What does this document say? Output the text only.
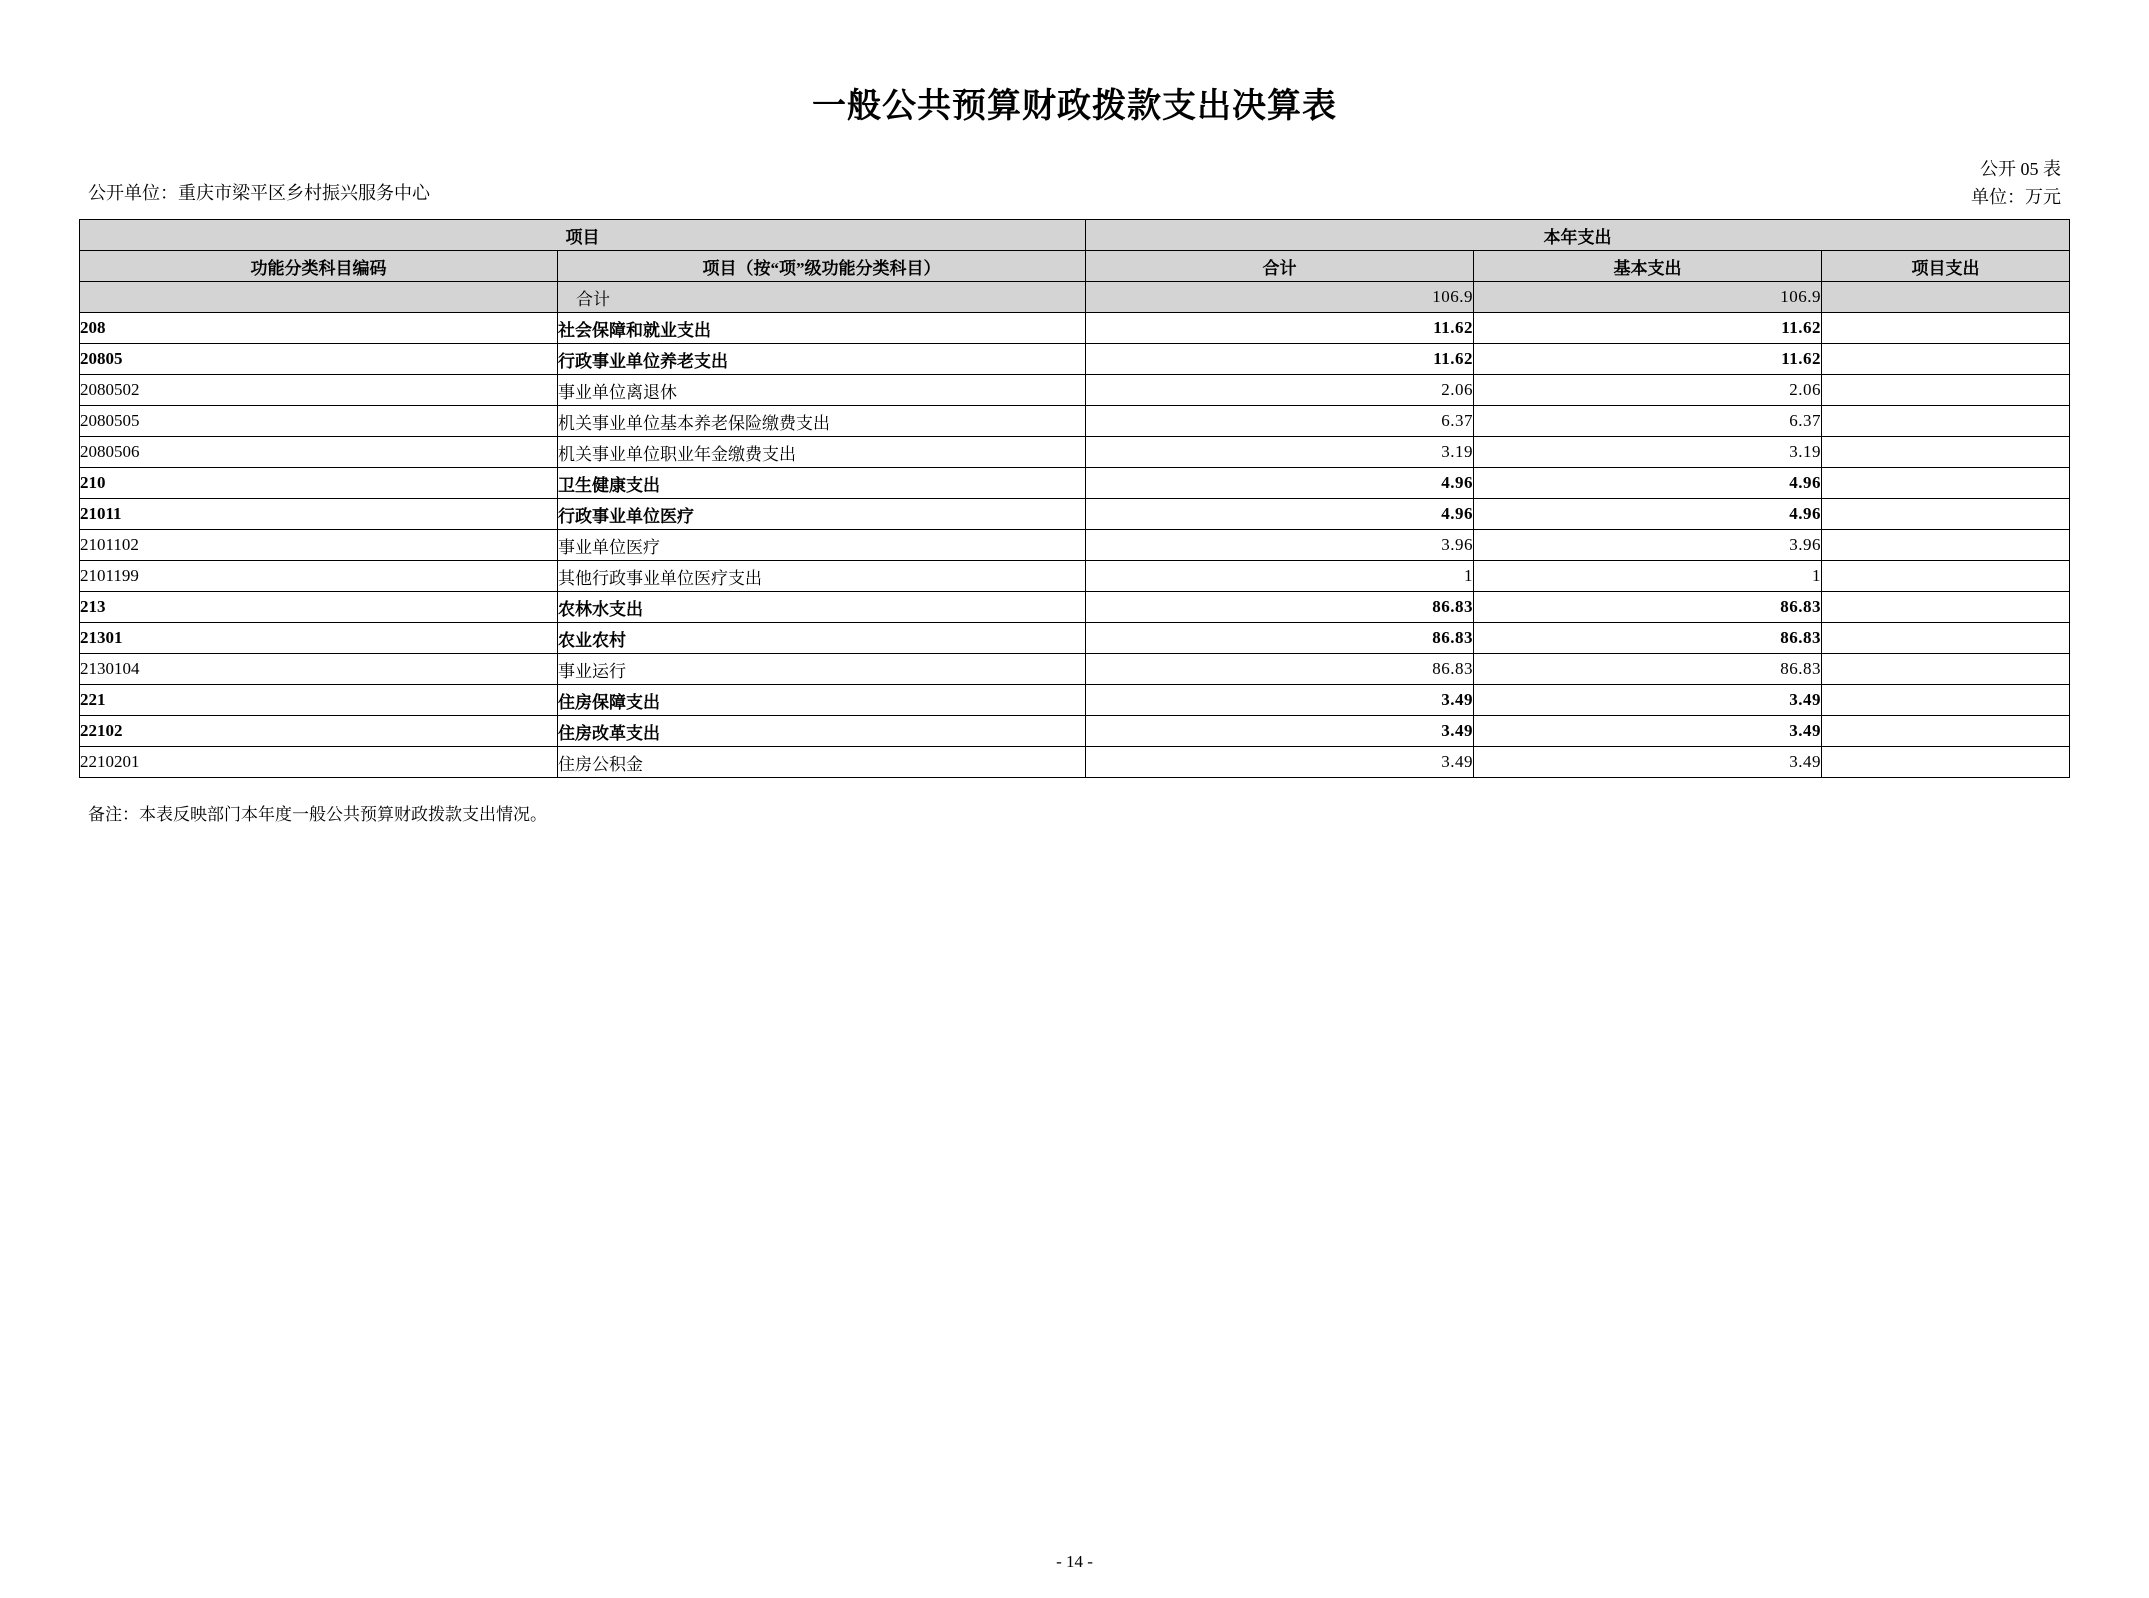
一般公共预算财政拨款支出决算表
公开单位：重庆市梁平区乡村振兴服务中心
公开 05 表
单位：万元
项目		本年支出		
功能分类科目编码	项目（按“项”级功能分类科目）	合计	基本支出	项目支出
	合计	106.9	106.9	
208	社会保障和就业支出	11.62	11.62	
20805	行政事业单位养老支出	11.62	11.62	
2080502	事业单位离退休	2.06	2.06	
2080505	机关事业单位基本养老保险缴费支出	6.37	6.37	
2080506	机关事业单位职业年金缴费支出	3.19	3.19	
210	卫生健康支出	4.96	4.96	
21011	行政事业单位医疗	4.96	4.96	
2101102	事业单位医疗	3.96	3.96	
2101199	其他行政事业单位医疗支出	1	1	
213	农林水支出	86.83	86.83	
21301	农业农村	86.83	86.83	
2130104	事业运行	86.83	86.83	
221	住房保障支出	3.49	3.49	
22102	住房改革支出	3.49	3.49	
2210201	住房公积金	3.49	3.49	
备注：本表反映部门本年度一般公共预算财政拨款支出情况。
- 14 -
